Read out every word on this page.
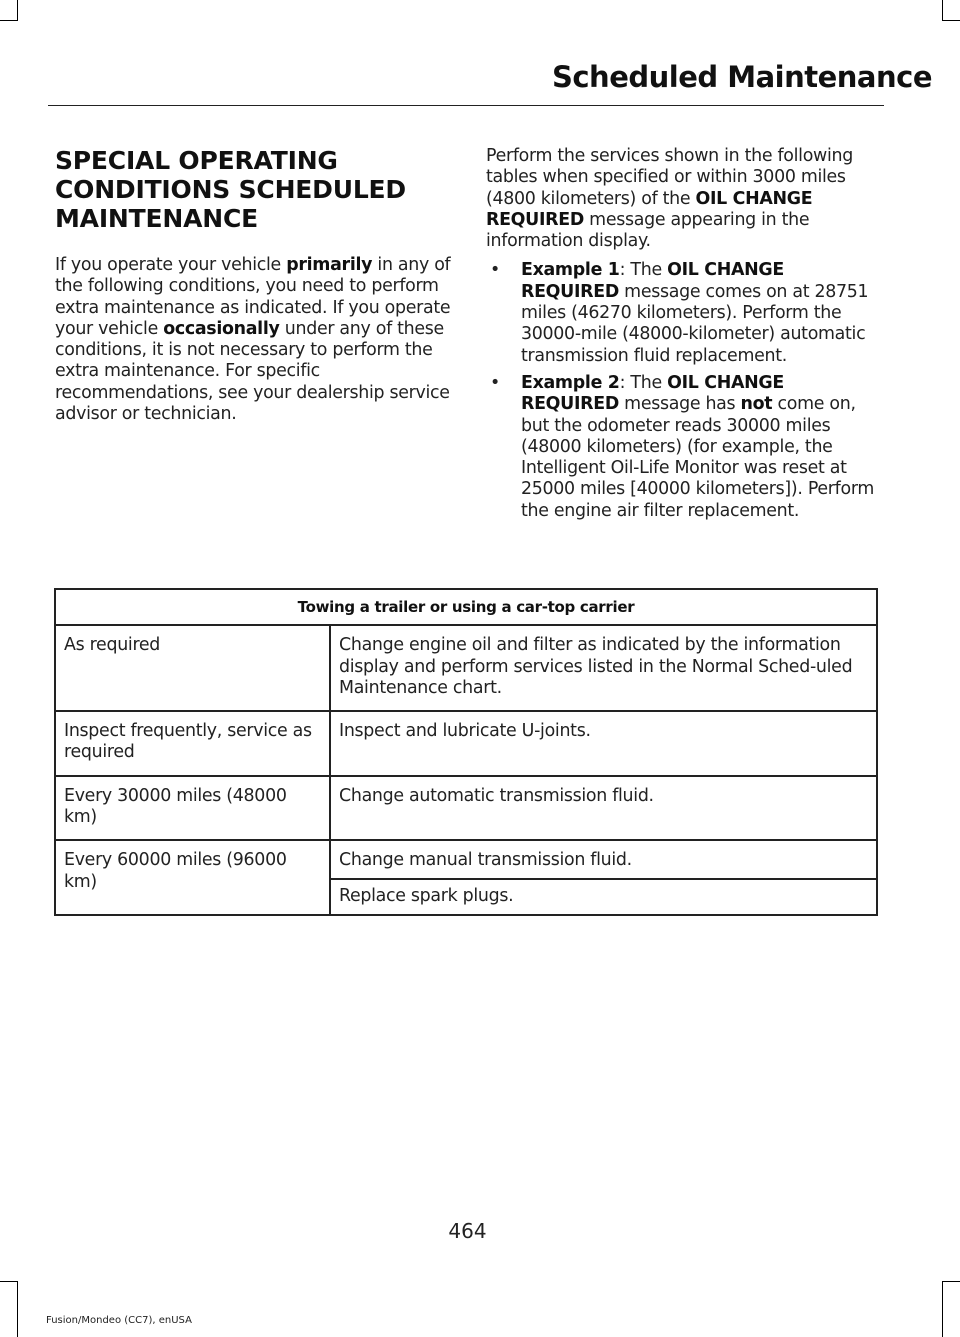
Scheduled Maintenance
SPECIAL OPERATING
CONDITIONS SCHEDULED
MAINTENANCE

If you operate your vehicle primarily in any of the following conditions, you need to perform extra maintenance as indicated. If you operate your vehicle occasionally under any of these conditions, it is not necessary to perform the extra maintenance. For specific recommendations, see your dealership service advisor or technician.

Perform the services shown in the following tables when specified or within 3000 miles (4800 kilometers) of the OIL CHANGE REQUIRED message appearing in the information display.

• Example 1: The OIL CHANGE REQUIRED message comes on at 28751 miles (46270 kilometers). Perform the 30000-mile (48000-kilometer) automatic transmission fluid replacement.
• Example 2: The OIL CHANGE REQUIRED message has not come on, but the odometer reads 30000 miles (48000 kilometers) (for example, the Intelligent Oil-Life Monitor was reset at 25000 miles [40000 kilometers]). Perform the engine air filter replacement.
Towing a trailer or using a car-top carrier	
As required	Change engine oil and filter as indicated by the information display and perform services listed in the Normal Sched-uled Maintenance chart.
Inspect frequently, service as required	Inspect and lubricate U-joints.
Every 30000 miles (48000 km)	Change automatic transmission fluid.
Every 60000 miles (96000 km)	Change manual transmission fluid.
	Replace spark plugs.
464
Fusion/Mondeo (CC7), enUSA
